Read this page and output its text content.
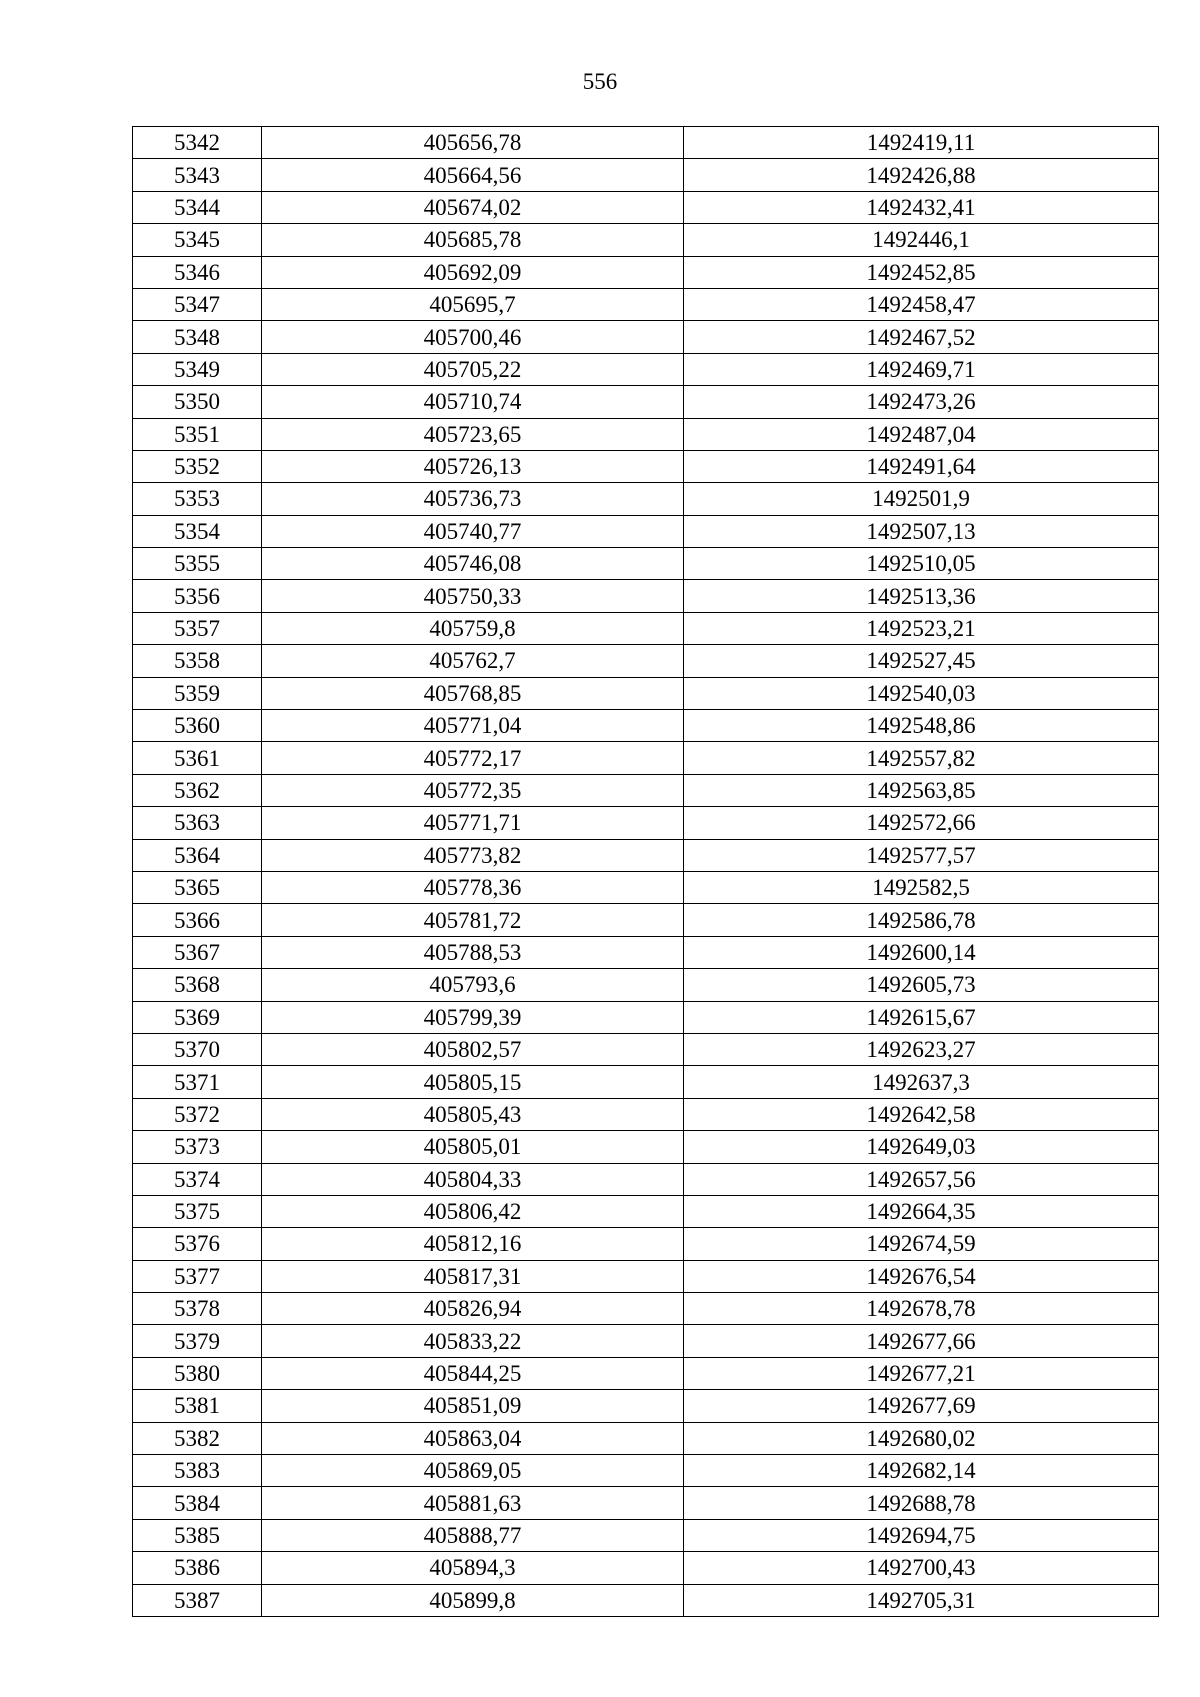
556
5342	405656,78	1492419,11
5343	405664,56	1492426,88
5344	405674,02	1492432,41
5345	405685,78	1492446,1
5346	405692,09	1492452,85
5347	405695,7	1492458,47
5348	405700,46	1492467,52
5349	405705,22	1492469,71
5350	405710,74	1492473,26
5351	405723,65	1492487,04
5352	405726,13	1492491,64
5353	405736,73	1492501,9
5354	405740,77	1492507,13
5355	405746,08	1492510,05
5356	405750,33	1492513,36
5357	405759,8	1492523,21
5358	405762,7	1492527,45
5359	405768,85	1492540,03
5360	405771,04	1492548,86
5361	405772,17	1492557,82
5362	405772,35	1492563,85
5363	405771,71	1492572,66
5364	405773,82	1492577,57
5365	405778,36	1492582,5
5366	405781,72	1492586,78
5367	405788,53	1492600,14
5368	405793,6	1492605,73
5369	405799,39	1492615,67
5370	405802,57	1492623,27
5371	405805,15	1492637,3
5372	405805,43	1492642,58
5373	405805,01	1492649,03
5374	405804,33	1492657,56
5375	405806,42	1492664,35
5376	405812,16	1492674,59
5377	405817,31	1492676,54
5378	405826,94	1492678,78
5379	405833,22	1492677,66
5380	405844,25	1492677,21
5381	405851,09	1492677,69
5382	405863,04	1492680,02
5383	405869,05	1492682,14
5384	405881,63	1492688,78
5385	405888,77	1492694,75
5386	405894,3	1492700,43
5387	405899,8	1492705,31
